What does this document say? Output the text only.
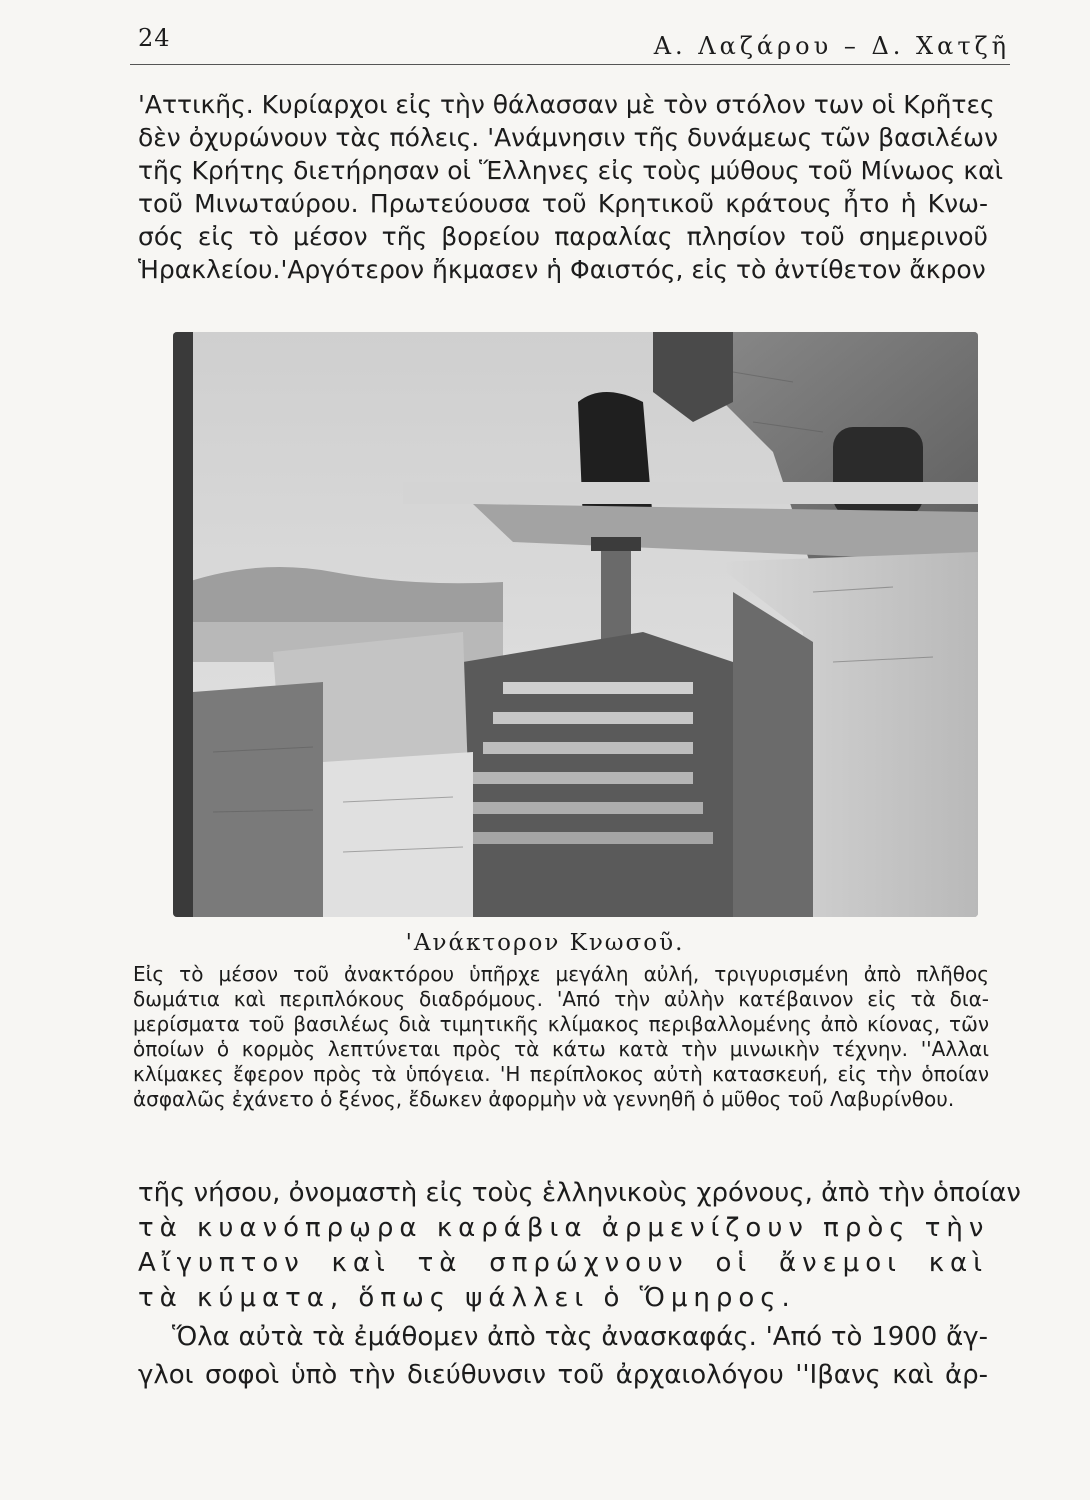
24	Α. Λαζάρου – Δ. Χατζῆ
'Αττικῆς. Κυρίαρχοι εἰς τὴν θάλασσαν μὲ τὸν στόλον των οἱ Κρῆτες
δὲν ὀχυρώνουν τὰς πόλεις. 'Ανάμνησιν τῆς δυνάμεως τῶν βασιλέων
τῆς Κρήτης διετήρησαν οἱ Ἕλληνες εἰς τοὺς μύθους τοῦ Μίνωος καὶ
τοῦ Μινωταύρου. Πρωτεύουσα τοῦ Κρητικοῦ κράτους ἦτο ἡ Κνω-
σός εἰς τὸ μέσον τῆς βορείου παραλίας πλησίον τοῦ σημερινοῦ
Ἡρακλείου.'Αργότερον ἤκμασεν ἡ Φαιστός, εἰς τὸ ἀντίθετον ἄκρον
'Ανάκτορον Κνωσοῦ.
Εἰς τὸ μέσον τοῦ ἀνακτόρου ὑπῆρχε μεγάλη αὐλή, τριγυρισμένη ἀπὸ πλῆθος
δωμάτια καὶ περιπλόκους διαδρόμους. 'Από τὴν αὐλὴν κατέβαινον εἰς τὰ δια-
μερίσματα τοῦ βασιλέως διὰ τιμητικῆς κλίμακος περιβαλλομένης ἀπὸ κίονας, τῶν
ὁποίων ὁ κορμὸς λεπτύνεται πρὸς τὰ κάτω κατὰ τὴν μινωικὴν τέχνην. ''Αλλαι
κλίμακες ἔφερον πρὸς τὰ ὑπόγεια. 'Η περίπλοκος αὐτὴ κατασκευή, εἰς τὴν ὁποίαν
ἀσφαλῶς ἐχάνετο ὁ ξένος, ἔδωκεν ἀφορμὴν νὰ γεννηθῆ ὁ μῦθος τοῦ Λαβυρίνθου.
τῆς νήσου, ὀνομαστὴ εἰς τοὺς ἑλληνικοὺς χρόνους, ἀπὸ τὴν ὁποίαν
τὰ κυανόπρῳρα καράβια ἀρμενίζουν πρὸς τὴν
Αἴγυπτον καὶ τὰ σπρώχνουν οἱ ἄνεμοι καὶ
τὰ κύματα, ὅπως ψάλλει ὁ Ὅμηρος.
Ὅλα αὐτὰ τὰ ἐμάθομεν ἀπὸ τὰς ἀνασκαφάς. 'Από τὸ 1900 ἄγ-
γλοι σοφοὶ ὑπὸ τὴν διεύθυνσιν τοῦ ἀρχαιολόγου ''Ιβανς καὶ ἀρ-
